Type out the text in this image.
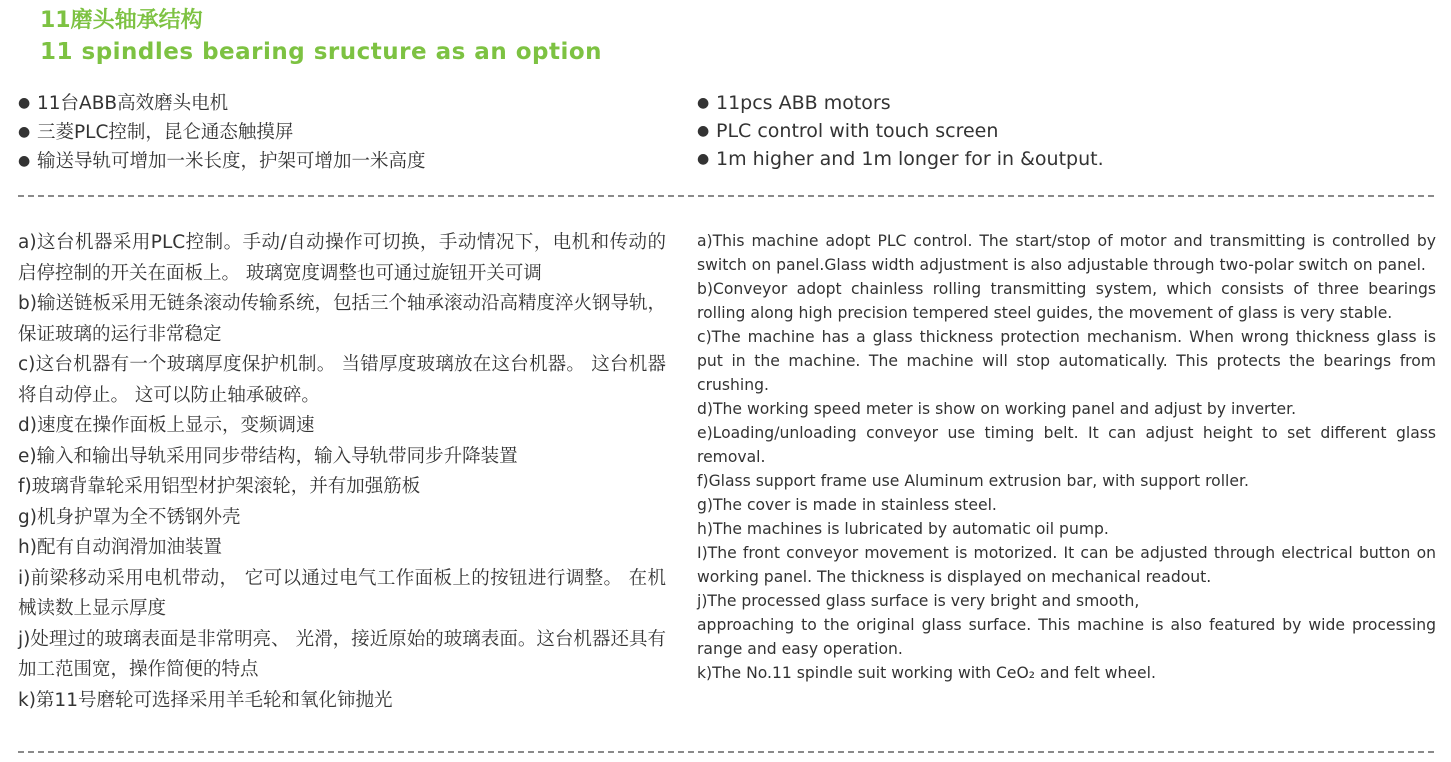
11磨头轴承结构
11 spindles bearing sructure as an option
● 11台ABB高效磨头电机
● 三菱PLC控制，昆仑通态触摸屏
● 输送导轨可增加一米长度，护架可增加一米高度
● 11pcs ABB motors
● PLC control with touch screen
● 1m higher and 1m longer for in &output.
a)这台机器采用PLC控制。手动/自动操作可切换，手动情况下，电机和传动的启停控制的开关在面板上。 玻璃宽度调整也可通过旋钮开关可调
b)输送链板采用无链条滚动传输系统，包括三个轴承滚动沿高精度淬火钢导轨，保证玻璃的运行非常稳定
c)这台机器有一个玻璃厚度保护机制。 当错厚度玻璃放在这台机器。 这台机器将自动停止。 这可以防止轴承破碎。
d)速度在操作面板上显示，变频调速
e)输入和输出导轨采用同步带结构，输入导轨带同步升降装置
f)玻璃背靠轮采用铝型材护架滚轮，并有加强筋板
g)机身护罩为全不锈钢外壳
h)配有自动润滑加油装置
i)前梁移动采用电机带动， 它可以通过电气工作面板上的按钮进行调整。 在机械读数上显示厚度
j)处理过的玻璃表面是非常明亮、 光滑，接近原始的玻璃表面。这台机器还具有加工范围宽，操作简便的特点
k)第11号磨轮可选择采用羊毛轮和氧化铈抛光
a)This machine adopt PLC control. The start/stop of motor and transmitting is controlled by switch on panel.Glass width adjustment is also adjustable through two-polar switch on panel.
b)Conveyor adopt chainless rolling transmitting system, which consists of three bearings rolling along high precision tempered steel guides, the movement of glass is very stable.
c)The machine has a glass thickness protection mechanism. When wrong thickness glass is put in the machine. The machine will stop automatically. This protects the bearings from crushing.
d)The working speed meter is show on working panel and adjust by inverter.
e)Loading/unloading conveyor use timing belt. It can adjust height to set different glass removal.
f)Glass support frame use Aluminum extrusion bar, with support roller.
g)The cover is made in stainless steel.
h)The machines is lubricated by automatic oil pump.
I)The front conveyor movement is motorized. It can be adjusted through electrical button on working panel. The thickness is displayed on mechanical readout.
j)The processed glass surface is very bright and smooth,
approaching to the original glass surface. This machine is also featured by wide processing range and easy operation.
k)The No.11 spindle suit working with CeO₂ and felt wheel.
